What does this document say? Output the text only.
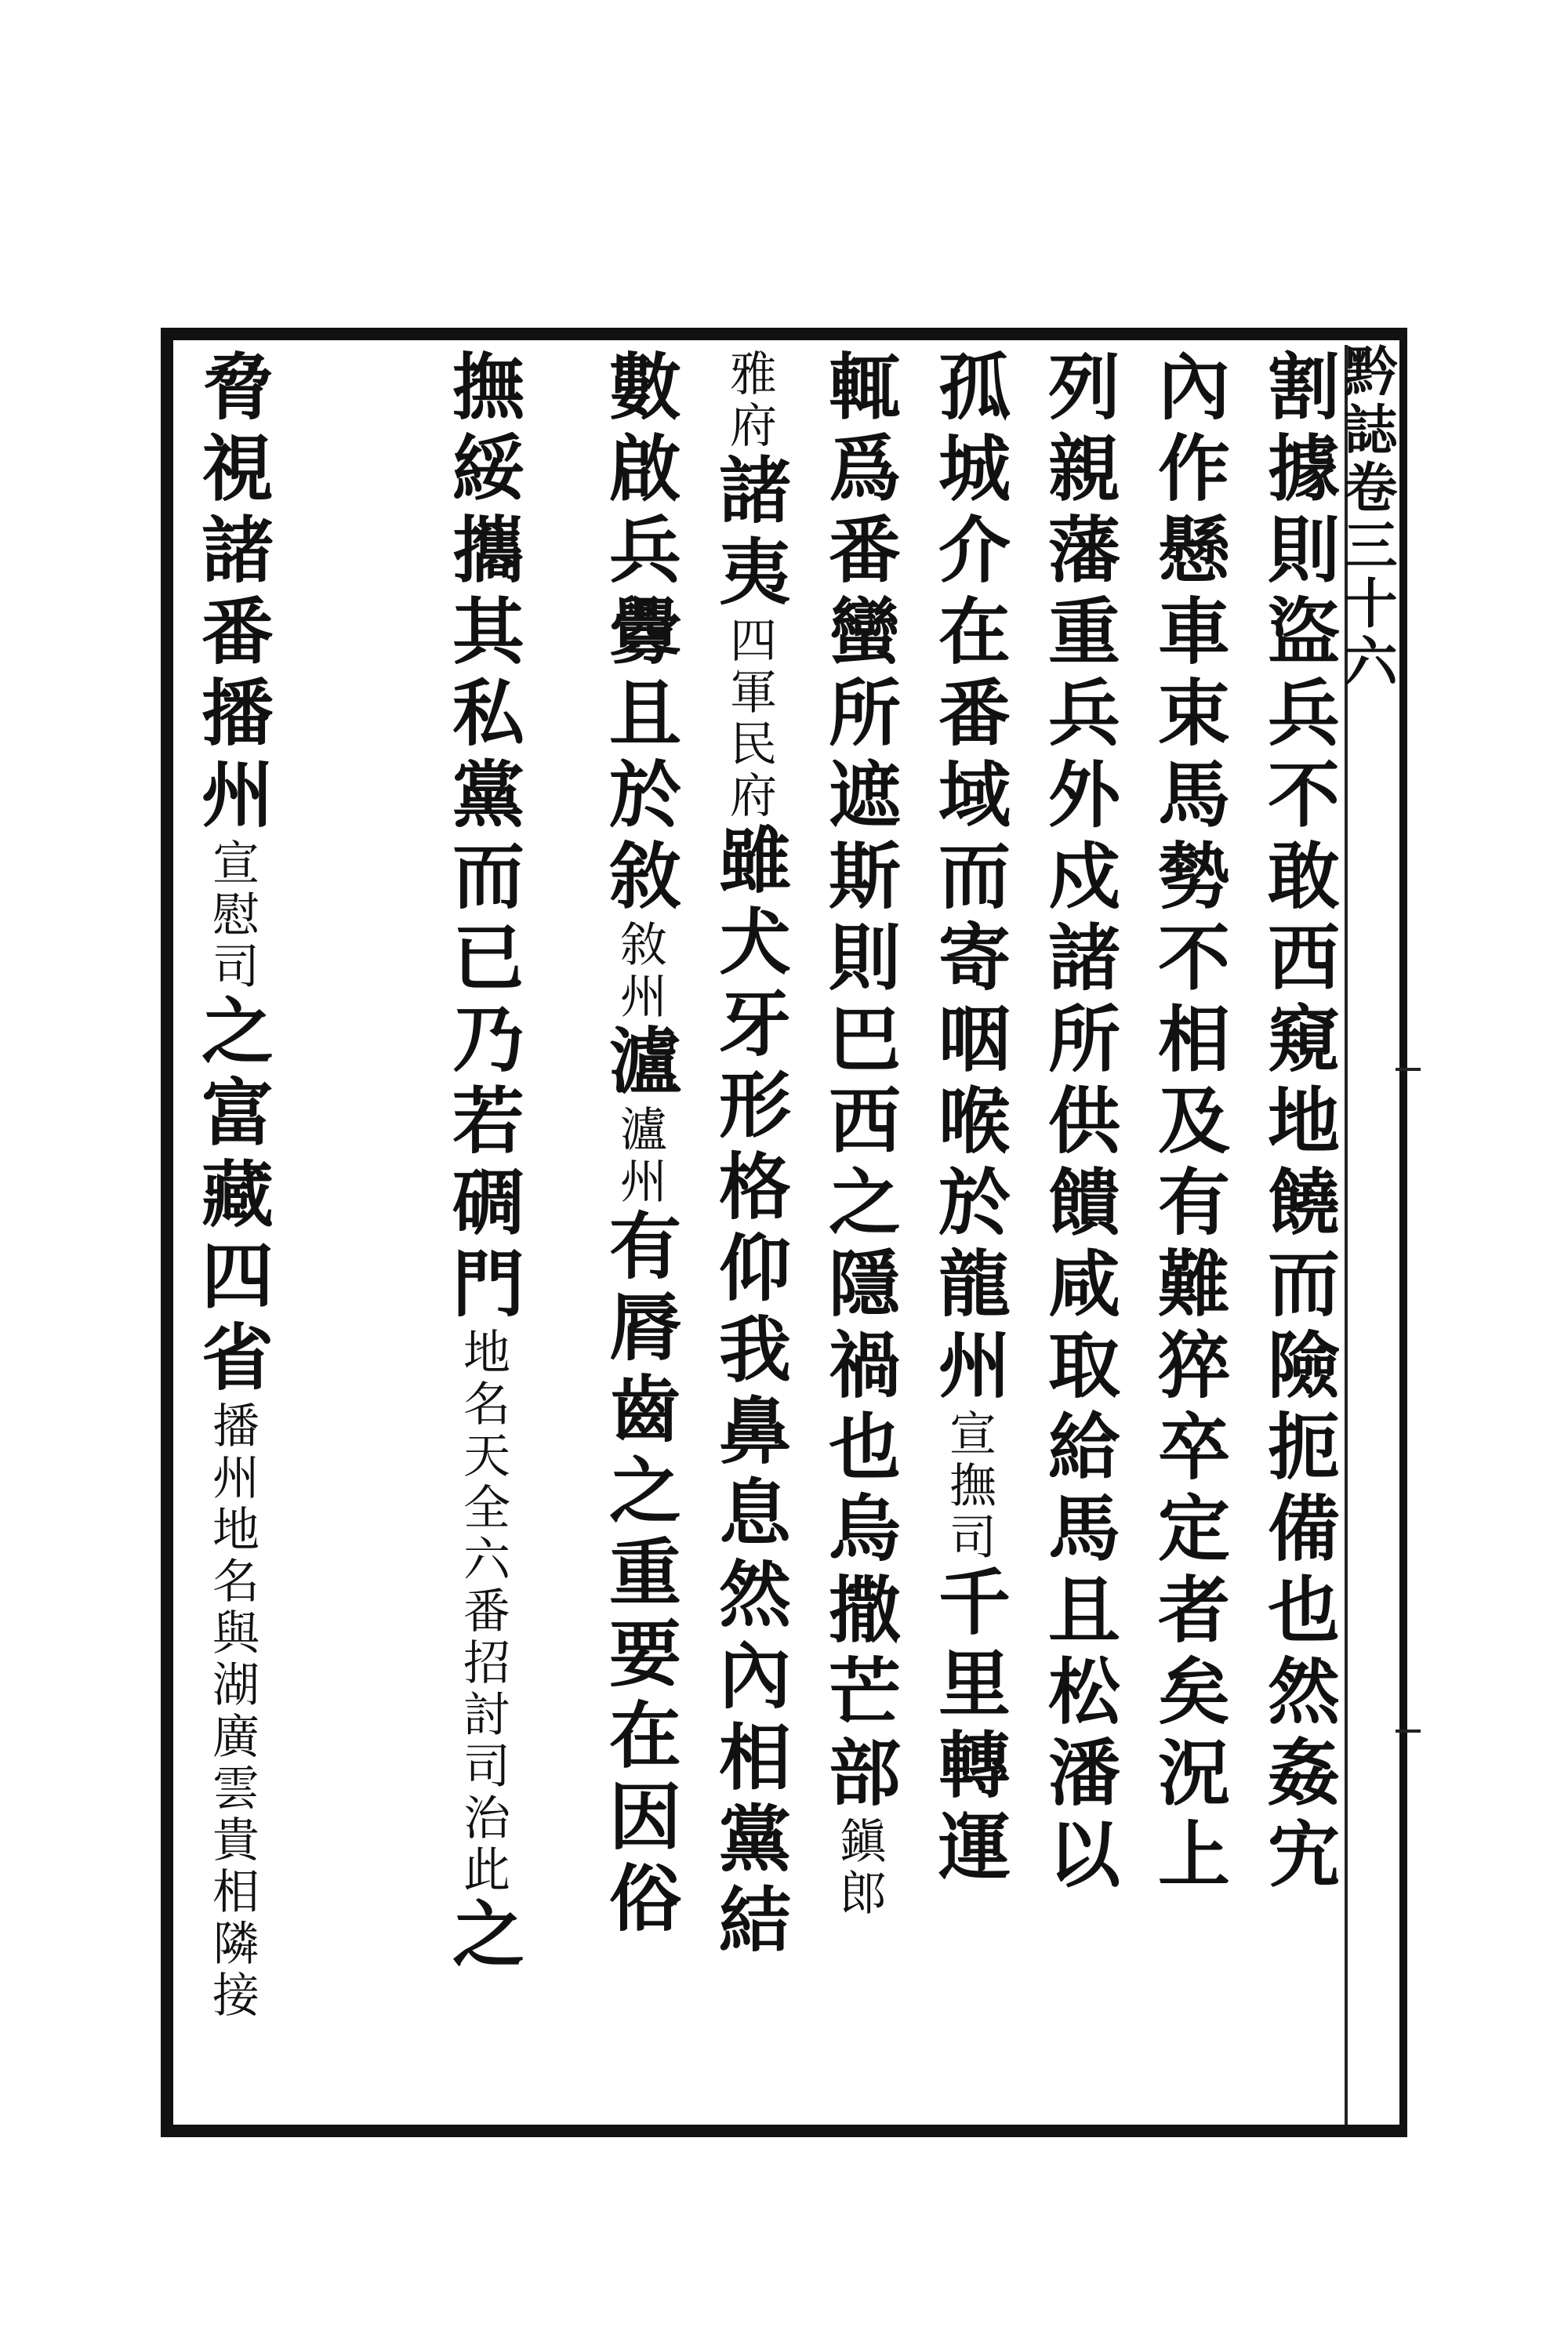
黔誌卷三十六
割據則盜兵不敢西窺地饒而險扼備也然姦宄
內作懸車束馬勢不相及有難猝卒定者矣況上
列親藩重兵外戍諸所供饋咸取給馬且松潘以
孤城介在番域而寄咽喉於龍州宣撫司千里轉運
輒爲番蠻所遮斯則巴西之隱禍也烏撒芒部鎭郎
雅府諸夷四軍民府雖犬牙形格仰我鼻息然內相黨結
數啟兵釁且於敘敘州瀘瀘州有脣齒之重要在因俗
撫綏攜其私黨而已乃若碉門地名天全六番招討司治此之
脅視諸番播州宣慰司之富藏四省播州地名與湖廣雲貴相隣接
